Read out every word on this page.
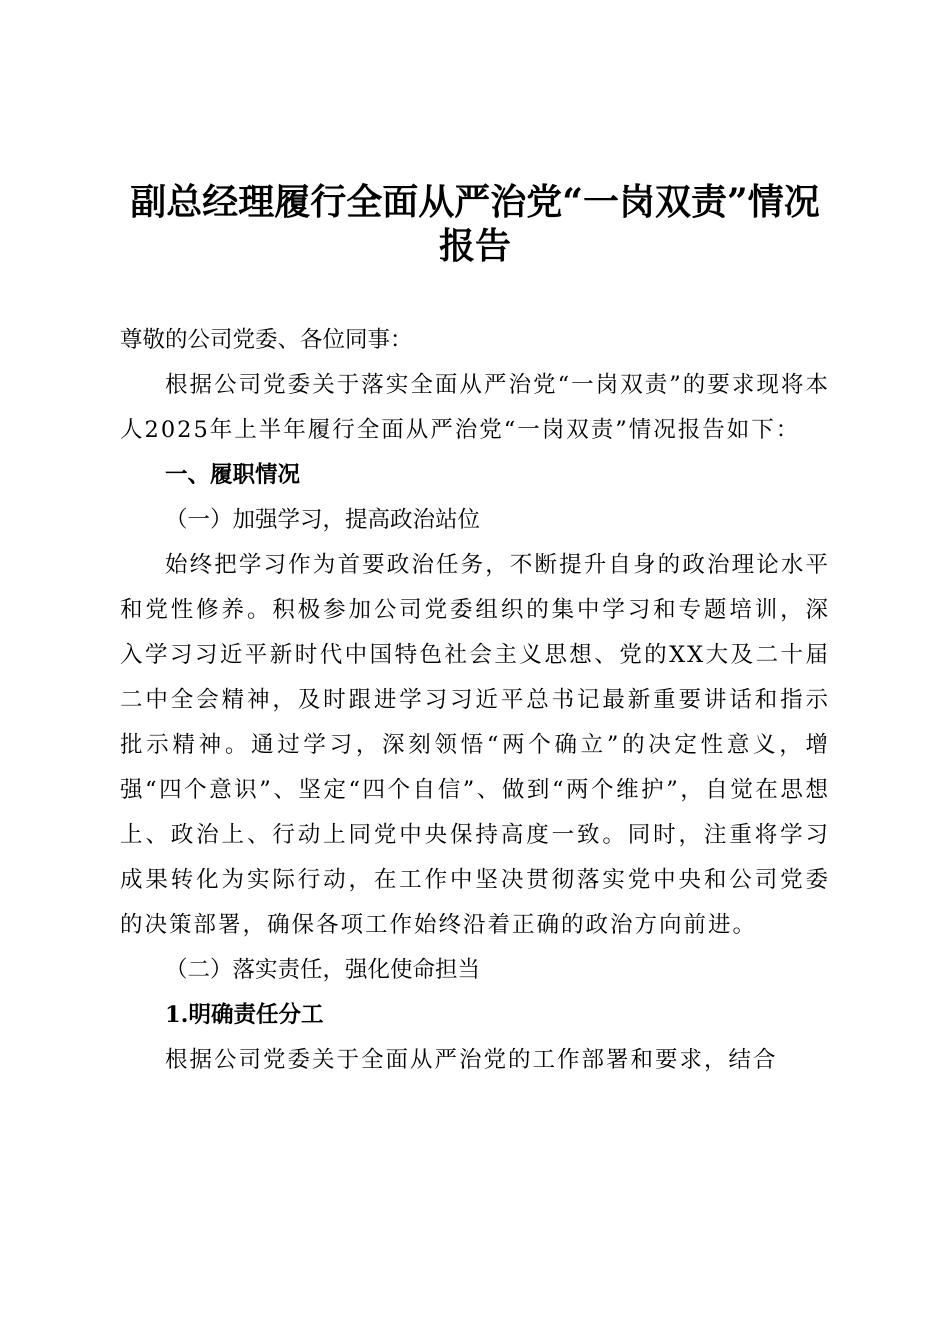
副总经理履行全面从严治党“一岗双责”情况
报告

尊敬的公司党委、各位同事：

根据公司党委关于落实全面从严治党“一岗双责”的要求现将本人2025年上半年履行全面从严治党“一岗双责”情况报告如下：

一、履职情况

（一）加强学习，提高政治站位

始终把学习作为首要政治任务，不断提升自身的政治理论水平和党性修养。积极参加公司党委组织的集中学习和专题培训，深入学习习近平新时代中国特色社会主义思想、党的XX大及二十届二中全会精神，及时跟进学习习近平总书记最新重要讲话和指示批示精神。通过学习，深刻领悟“两个确立”的决定性意义，增强“四个意识”、坚定“四个自信”、做到“两个维护”，自觉在思想上、政治上、行动上同党中央保持高度一致。同时，注重将学习成果转化为实际行动，在工作中坚决贯彻落实党中央和公司党委的决策部署，确保各项工作始终沿着正确的政治方向前进。

（二）落实责任，强化使命担当

1.明确责任分工

根据公司党委关于全面从严治党的工作部署和要求，结合
